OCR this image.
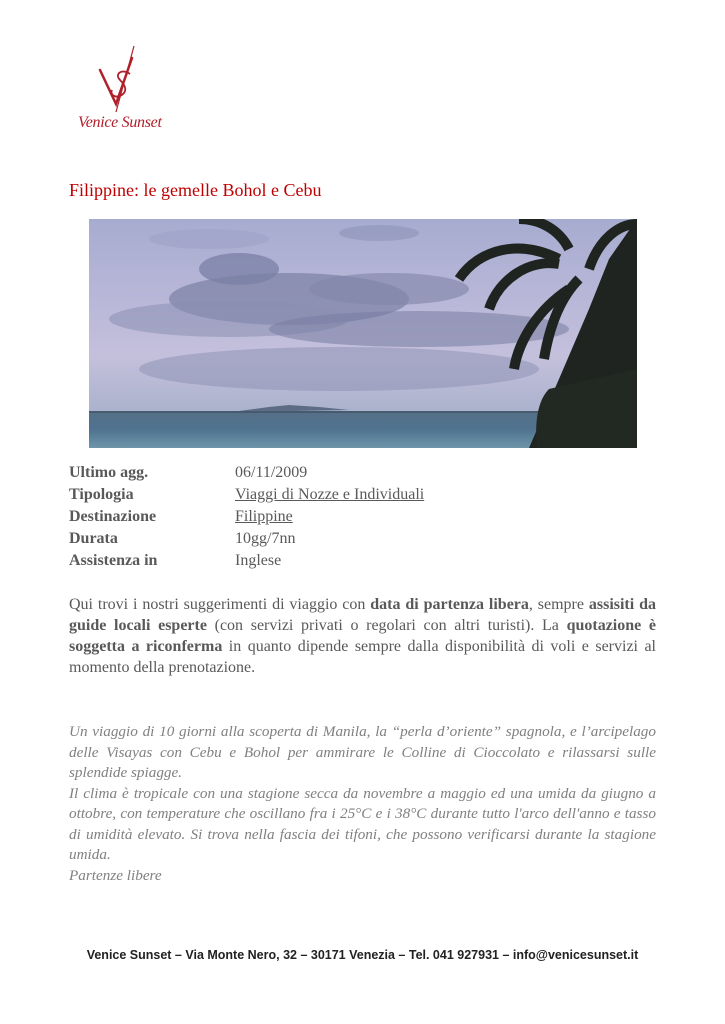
Venice Sunset
Filippine: le gemelle Bohol e Cebu
Ultimo agg.	06/11/2009
Tipologia	Viaggi di Nozze e Individuali
Destinazione	Filippine
Durata	10gg/7nn
Assistenza in	Inglese
Qui trovi i nostri suggerimenti di viaggio con data di partenza libera, sempre assisiti da guide locali esperte (con servizi privati o regolari con altri turisti). La quotazione è soggetta a riconferma in quanto dipende sempre dalla disponibilità di voli e servizi al momento della prenotazione.

Un viaggio di 10 giorni alla scoperta di Manila, la “perla d’oriente” spagnola, e l’arcipelago delle Visayas con Cebu e Bohol per ammirare le Colline di Cioccolato e rilassarsi sulle splendide spiagge.

Il clima è tropicale con una stagione secca da novembre a maggio ed una umida da giugno a ottobre, con temperature che oscillano fra i 25°C e i 38°C durante tutto l'arco dell'anno e tasso di umidità elevato. Si trova nella fascia dei tifoni, che possono verificarsi durante la stagione umida.

Partenze libere

Venice Sunset – Via Monte Nero, 32 – 30171 Venezia – Tel. 041 927931 – info@venicesunset.it
